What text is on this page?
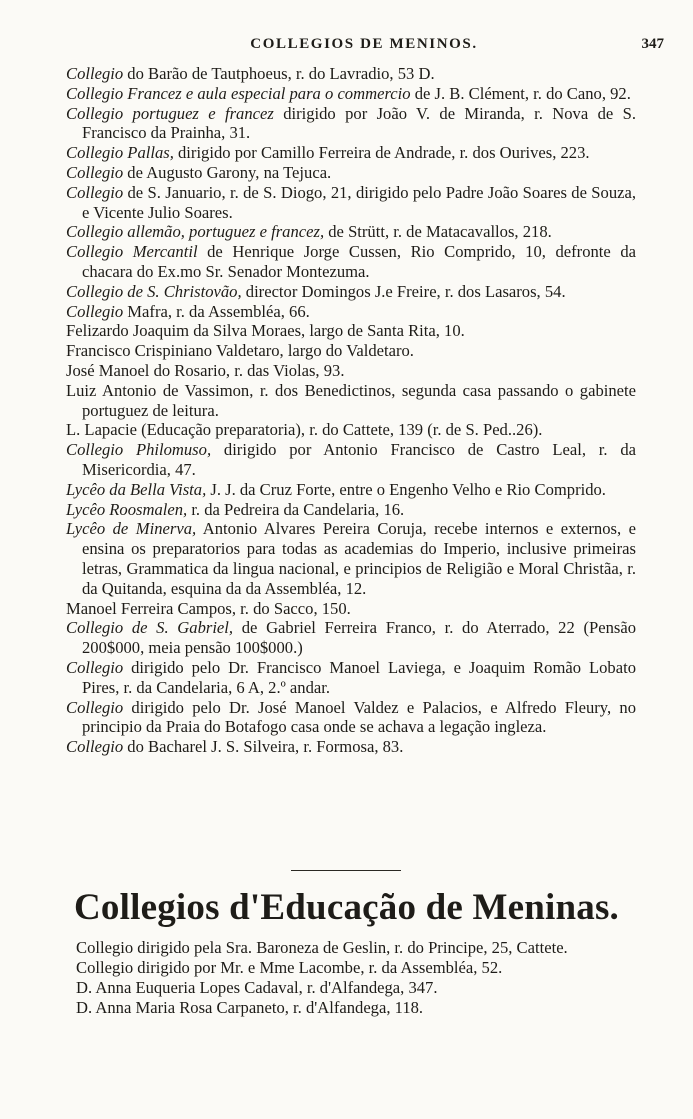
COLLEGIOS DE MENINOS.	347
Collegio do Barão de Tautphoeus, r. do Lavradio, 53 D.
Collegio Francez e aula especial para o commercio de J. B. Clément, r. do Cano, 92.
Collegio portuguez e francez dirigido por João V. de Miranda, r. Nova de S. Francisco da Prainha, 31.
Collegio Pallas, dirigido por Camillo Ferreira de Andrade, r. dos Ourives, 223.
Collegio de Augusto Garony, na Tejuca.
Collegio de S. Januario, r. de S. Diogo, 21, dirigido pelo Padre João Soares de Souza, e Vicente Julio Soares.
Collegio allemão, portuguez e francez, de Strütt, r. de Matacavallos, 218.
Collegio Mercantil de Henrique Jorge Cussen, Rio Comprido, 10, defronte da chacara do Ex.mo Sr. Senador Montezuma.
Collegio de S. Christovão, director Domingos J.e Freire, r. dos Lasaros, 54.
Collegio Mafra, r. da Assembléa, 66.
Felizardo Joaquim da Silva Moraes, largo de Santa Rita, 10.
Francisco Crispiniano Valdetaro, largo do Valdetaro.
José Manoel do Rosario, r. das Violas, 93.
Luiz Antonio de Vassimon, r. dos Benedictinos, segunda casa passando o gabinete portuguez de leitura.
L. Lapacie (Educação preparatoria), r. do Cattete, 139 (r. de S. Ped..26).
Collegio Philomuso, dirigido por Antonio Francisco de Castro Leal, r. da Misericordia, 47.
Lycêo da Bella Vista, J. J. da Cruz Forte, entre o Engenho Velho e Rio Comprido.
Lycêo Roosmalen, r. da Pedreira da Candelaria, 16.
Lycêo de Minerva, Antonio Alvares Pereira Coruja, recebe internos e externos, e ensina os preparatorios para todas as academias do Imperio, inclusive primeiras letras, Grammatica da lingua nacional, e principios de Religião e Moral Christãa, r. da Quitanda, esquina da da Assembléa, 12.
Manoel Ferreira Campos, r. do Sacco, 150.
Collegio de S. Gabriel, de Gabriel Ferreira Franco, r. do Aterrado, 22 (Pensão 200$000, meia pensão 100$000.)
Collegio dirigido pelo Dr. Francisco Manoel Laviega, e Joaquim Romão Lobato Pires, r. da Candelaria, 6 A, 2.º andar.
Collegio dirigido pelo Dr. José Manoel Valdez e Palacios, e Alfredo Fleury, no principio da Praia do Botafogo casa onde se achava a legação ingleza.
Collegio do Bacharel J. S. Silveira, r. Formosa, 83.
Collegios d'Educação de Meninas.
Collegio dirigido pela Sra. Baroneza de Geslin, r. do Principe, 25, Cattete.
Collegio dirigido por Mr. e Mme Lacombe, r. da Assembléa, 52.
D. Anna Euqueria Lopes Cadaval, r. d'Alfandega, 347.
D. Anna Maria Rosa Carpaneto, r. d'Alfandega, 118.
